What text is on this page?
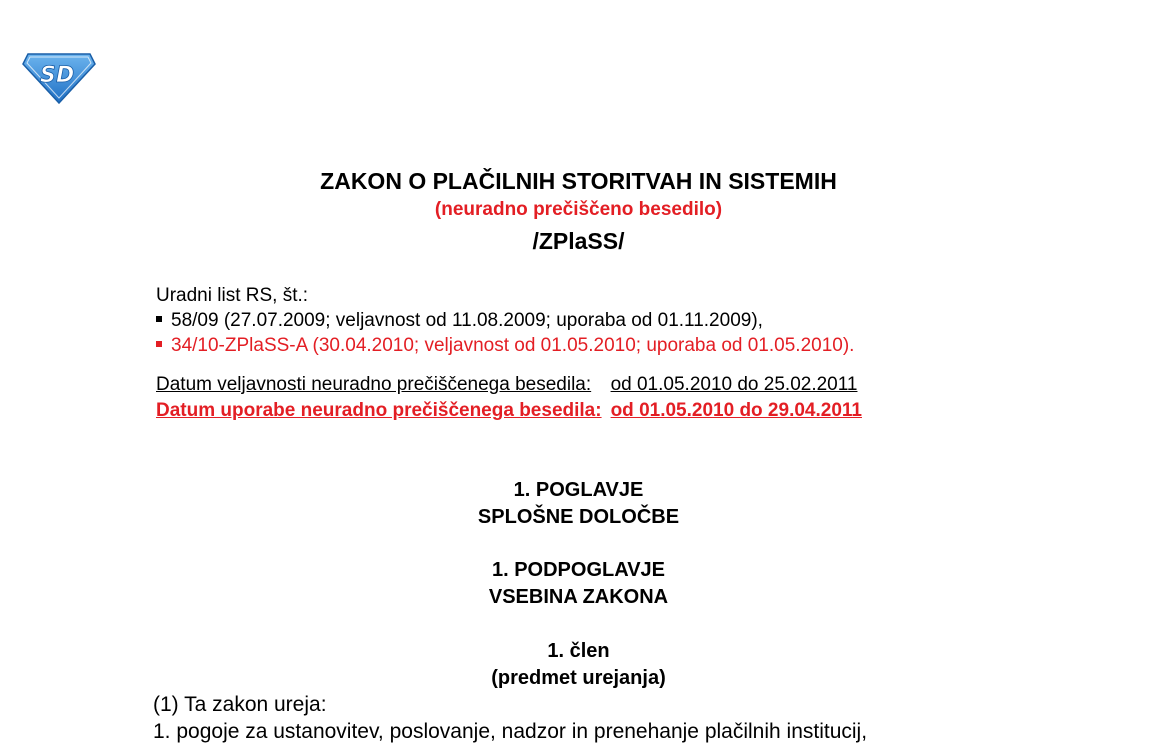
S D
ZAKON O PLAČILNIH STORITVAH IN SISTEMIH
(neuradno prečiščeno besedilo)
/ZPlaSS/
Uradni list RS, št.:
58/09 (27.07.2009; veljavnost od 11.08.2009; uporaba od 01.11.2009),
34/10-ZPlaSS-A (30.04.2010; veljavnost od 01.05.2010; uporaba od 01.05.2010).
Datum veljavnosti neuradno prečiščenega besedila:	od 01.05.2010 do 25.02.2011
Datum uporabe neuradno prečiščenega besedila:	od 01.05.2010 do 29.04.2011
1. POGLAVJE
SPLOŠNE DOLOČBE
1. PODPOGLAVJE
VSEBINA ZAKONA
1. člen
(predmet urejanja)
(1) Ta zakon ureja:
1. pogoje za ustanovitev, poslovanje, nadzor in prenehanje plačilnih institucij,
